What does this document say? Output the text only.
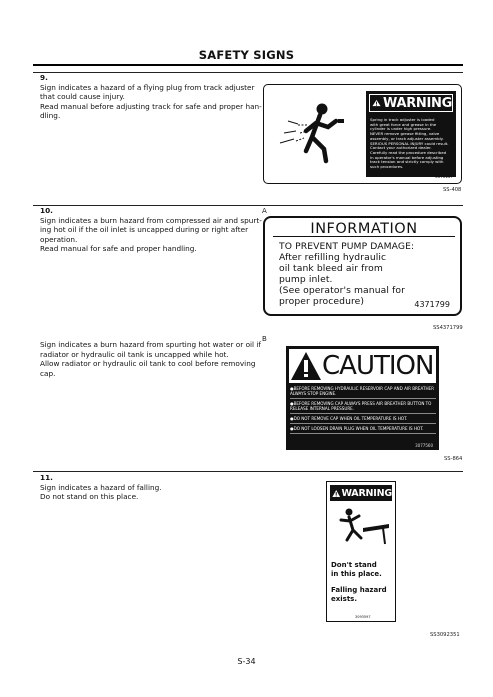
SAFETY SIGNS
9.

Sign indicates a hazard of a flying plug from track adjuster

that could cause injury.

Read manual before adjusting track for safe and proper han-

dling.

WARNING
Spring in track adjuster is loaded
with great force and grease in the
cylinder is under high pressure.
NEVER remove grease fitting, valve
assembly, or track adjuster assembly.
SERIOUS PERSONAL INJURY could result.
Contact your authorized dealer.
Carefully read the procedure described
in operator's manual before adjusting
track tension and strictly comply with
such procedures.
3070107
SS-408
10.

Sign indicates a burn hazard from compressed air and spurt-

ing hot oil if the oil inlet is uncapped during or right after

operation.

Read manual for safe and proper handling.

A
INFORMATION
TO PREVENT PUMP DAMAGE:
After refilling hydraulic
oil tank bleed air from
pump inlet.
(See operator's manual for
proper procedure)	4371799
SS4371799

Sign indicates a burn hazard from spurting hot water or oil if

radiator or hydraulic oil tank is uncapped while hot.

Allow radiator or hydraulic oil tank to cool before removing

cap.

B
CAUTION
●BEFORE REMOVING HYDRAULIC RESERVOIR CAP AND AIR BREATHER ALWAYS STOP ENGINE.
●BEFORE REMOVING CAP ALWAYS PRESS AIR BREATHER BUTTON TO RELEASE INTERNAL PRESSURE.
●DO NOT REMOVE CAP WHEN OIL TEMPERATURE IS HOT.
●DO NOT LOOSEN DRAIN PLUG WHEN OIL TEMPERATURE IS HOT.
3077560
SS-864
11.

Sign indicates a hazard of falling.

Do not stand on this place.	WARNING
Don't stand
in this place.
Falling hazard
exists.
3093597
SS3092351
S-34
